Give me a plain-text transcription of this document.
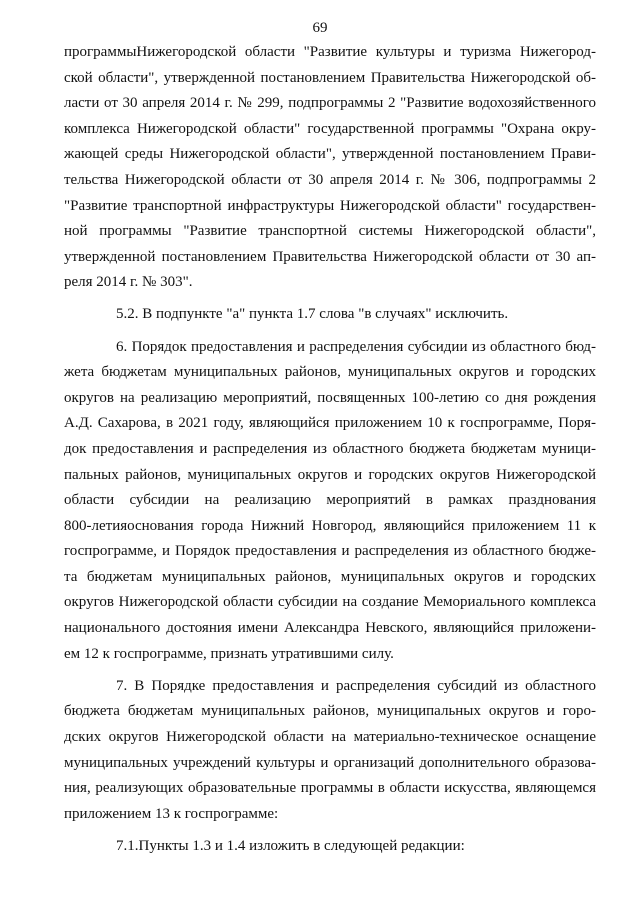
69
программыНижегородской области "Развитие культуры и туризма Нижегород-
ской области", утвержденной постановлением Правительства Нижегородской об-
ласти от 30 апреля 2014 г. № 299, подпрограммы 2 "Развитие водохозяйственного
комплекса Нижегородской области" государственной программы "Охрана окру-
жающей среды Нижегородской области", утвержденной постановлением Прави-
тельства Нижегородской области от 30 апреля 2014 г. № 306, подпрограммы 2
"Развитие транспортной инфраструктуры Нижегородской области" государствен-
ной программы "Развитие транспортной системы Нижегородской области",
утвержденной постановлением Правительства Нижегородской области от 30 ап-
реля 2014 г. № 303".
5.2. В подпункте "а" пункта 1.7 слова "в случаях" исключить.
6. Порядок предоставления и распределения субсидии из областного бюд-
жета бюджетам муниципальных районов, муниципальных округов и городских
округов на реализацию мероприятий, посвященных 100-летию со дня рождения
А.Д. Сахарова, в 2021 году, являющийся приложением 10 к госпрограмме, Поря-
док предоставления и распределения из областного бюджета бюджетам муници-
пальных районов, муниципальных округов и городских округов Нижегородской
области субсидии на реализацию мероприятий в рамках празднования
800-летияоснования города Нижний Новгород, являющийся приложением 11 к
госпрограмме, и Порядок предоставления и распределения из областного бюдже-
та бюджетам муниципальных районов, муниципальных округов и городских
округов Нижегородской области субсидии на создание Мемориального комплекса
национального достояния имени Александра Невского, являющийся приложени-
ем 12 к госпрограмме, признать утратившими силу.
7. В Порядке предоставления и распределения субсидий из областного
бюджета бюджетам муниципальных районов, муниципальных округов и горо-
дских округов Нижегородской области на материально-техническое оснащение
муниципальных учреждений культуры и организаций дополнительного образова-
ния, реализующих образовательные программы в области искусства, являющемся
приложением 13 к госпрограмме:
7.1.Пункты 1.3 и 1.4 изложить в следующей редакции:
